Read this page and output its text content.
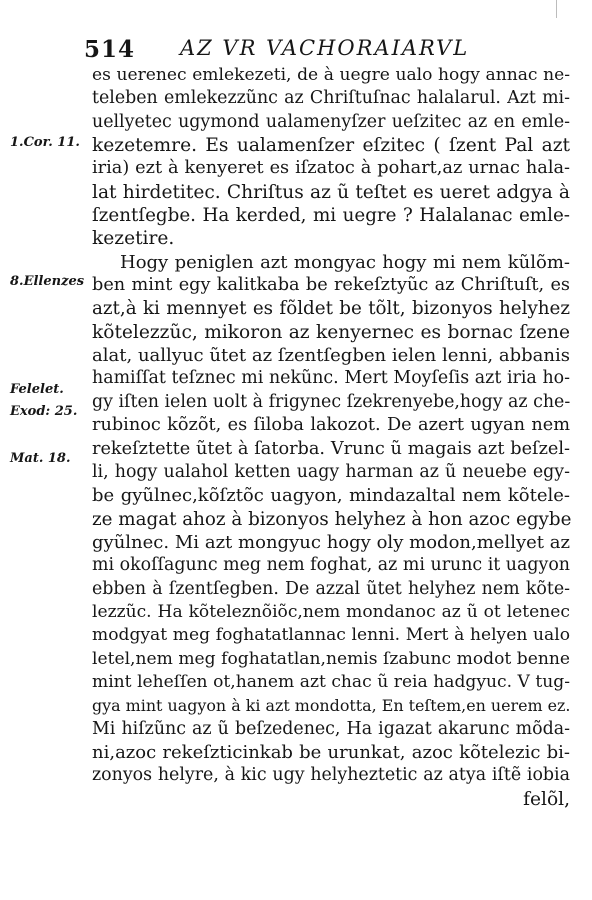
514 AZ VR VACHORAIARVL
1.Cor. 11.
8.Ellenzes
Felelet.
Exod: 25.
Mat. 18.
es uerenec emlekezeti, de à uegre ualo hogy annac ne-
teleben emlekezzũnc az Chriſtuſnac halalarul. Azt mi-
uellyetec ugymond ualamenyſzer ueſzitec az en emle-
kezetemre. Es ualamenſzer eſzitec ( ſzent Pal azt
iria) ezt à kenyeret es iſzatoc à pohart,az urnac hala-
lat hirdetitec. Chriſtus az ũ teſtet es ueret adgya à
ſzentſegbe. Ha kerded, mi uegre ? Halalanac emle-
kezetire.
Hogy peniglen azt mongyac hogy mi nem kũlõm-
ben mint egy kalitkaba be rekeſztyũc az Chriſtuſt, es
azt,à ki mennyet es fõldet be tõlt, bizonyos helyhez
kõtelezzũc, mikoron az kenyernec es bornac ſzene
alat, uallyuc ũtet az ſzentſegben ielen lenni, abbanis
hamiſſat teſznec mi nekũnc. Mert Moyſeſis azt iria ho-
gy iſten ielen uolt à frigynec ſzekrenyebe,hogy az che-
rubinoc kõzõt, es ſiloba lakozot. De azert ugyan nem
rekeſztette ũtet à ſatorba. Vrunc ũ magais azt beſzel-
li, hogy ualahol ketten uagy harman az ũ neuebe egy-
be gyũlnec,kõſztõc uagyon, mindazaltal nem kõtele-
ze magat ahoz à bizonyos helyhez à hon azoc egybe
gyũlnec. Mi azt mongyuc hogy oly modon,mellyet az
mi okoſſagunc meg nem foghat, az mi urunc it uagyon
ebben à ſzentſegben. De azzal ũtet helyhez nem kõte-
lezzũc. Ha kõteleznõiõc,nem mondanoc az ũ ot letenec
modgyat meg foghatatlannac lenni. Mert à helyen ualo
letel,nem meg foghatatlan,nemis ſzabunc modot benne
mint leheſſen ot,hanem azt chac ũ reia hadgyuc. V tug-
gya mint uagyon à ki azt mondotta, En teſtem,en uerem ez.
Mi hiſzũnc az ũ beſzedenec, Ha igazat akarunc mõda-
ni,azoc rekeſzticinkab be urunkat, azoc kõtelezic bi-
zonyos helyre, à kic ugy helyheztetic az atya iſtẽ iobia
felõl,
